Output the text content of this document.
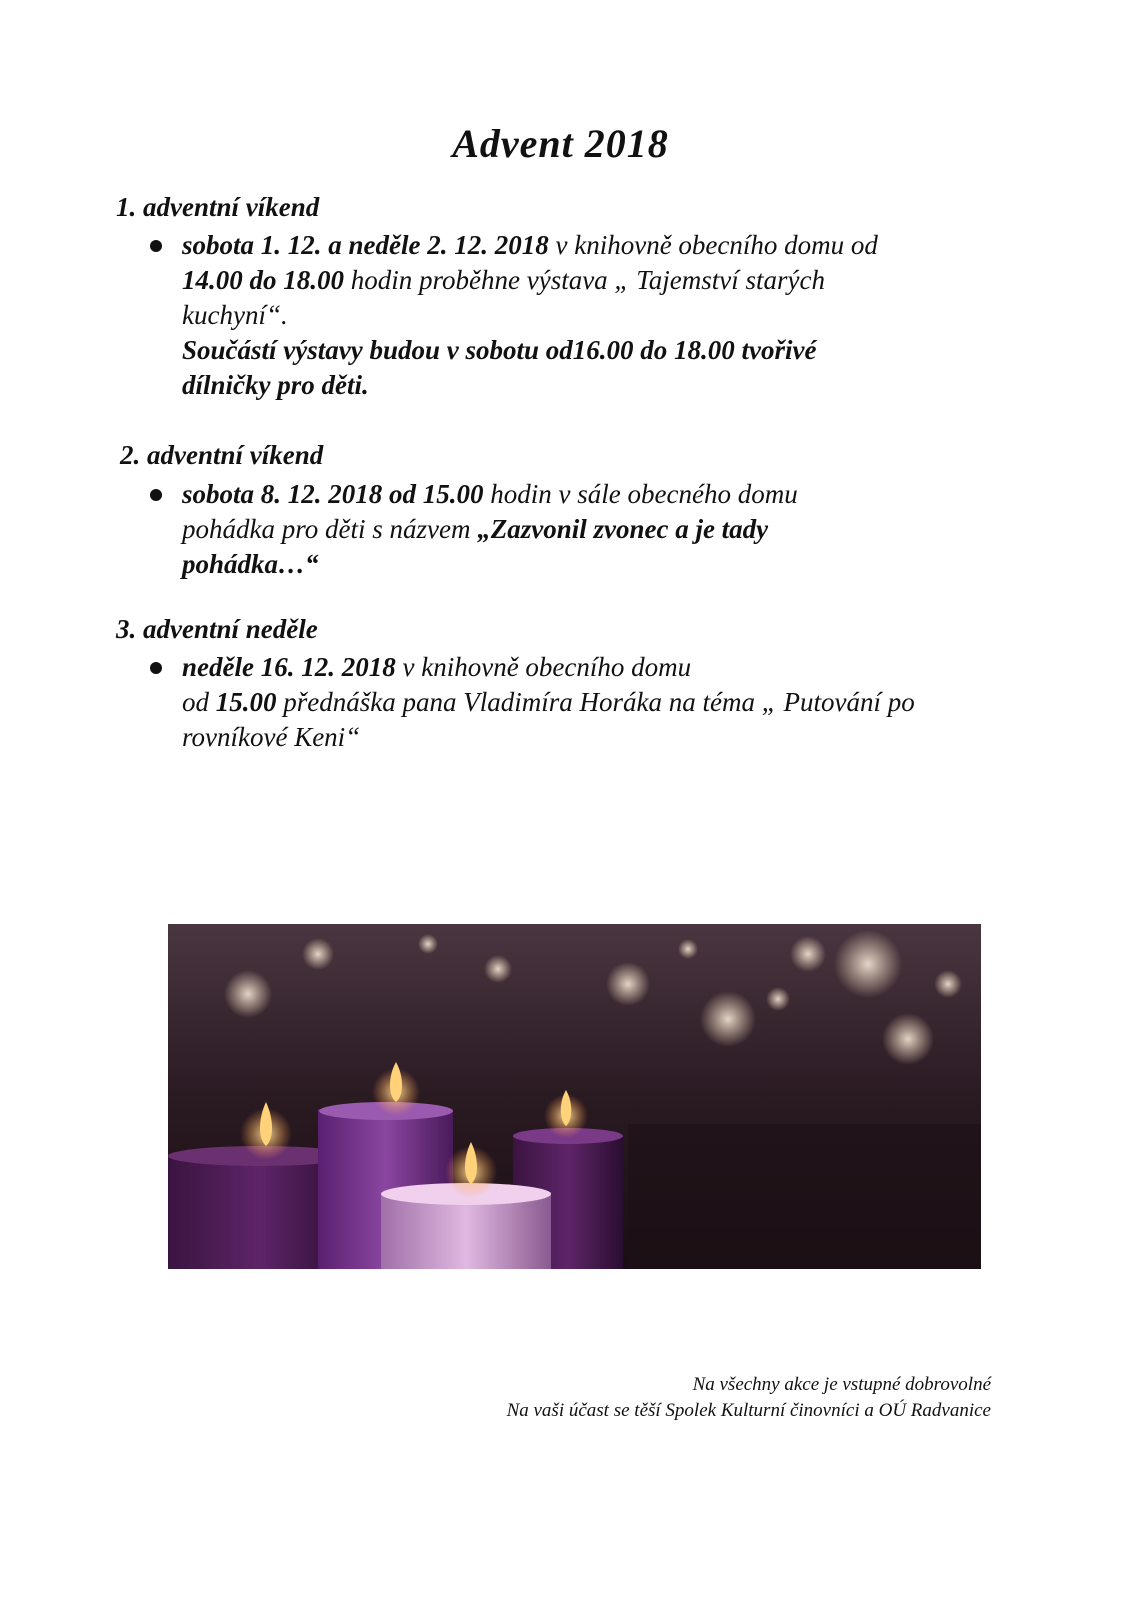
Advent 2018
1. adventní víkend
sobota 1. 12. a neděle 2. 12. 2018 v knihovně obecního domu od
14.00 do 18.00 hodin proběhne výstava „ Tajemství starých
kuchyní“.
Součástí výstavy budou v sobotu od16.00 do 18.00 tvořivé
dílničky pro děti.
2. adventní víkend
sobota 8. 12. 2018 od 15.00 hodin v sále obecného domu
pohádka pro děti s názvem „Zazvonil zvonec a je tady
pohádka…“
3. adventní neděle
neděle 16. 12. 2018 v knihovně obecního domu
od 15.00 přednáška pana Vladimíra Horáka na téma „ Putování po
rovníkové Keni“
Na všechny akce je vstupné dobrovolné
Na vaši účast se těší Spolek Kulturní činovníci a OÚ Radvanice
